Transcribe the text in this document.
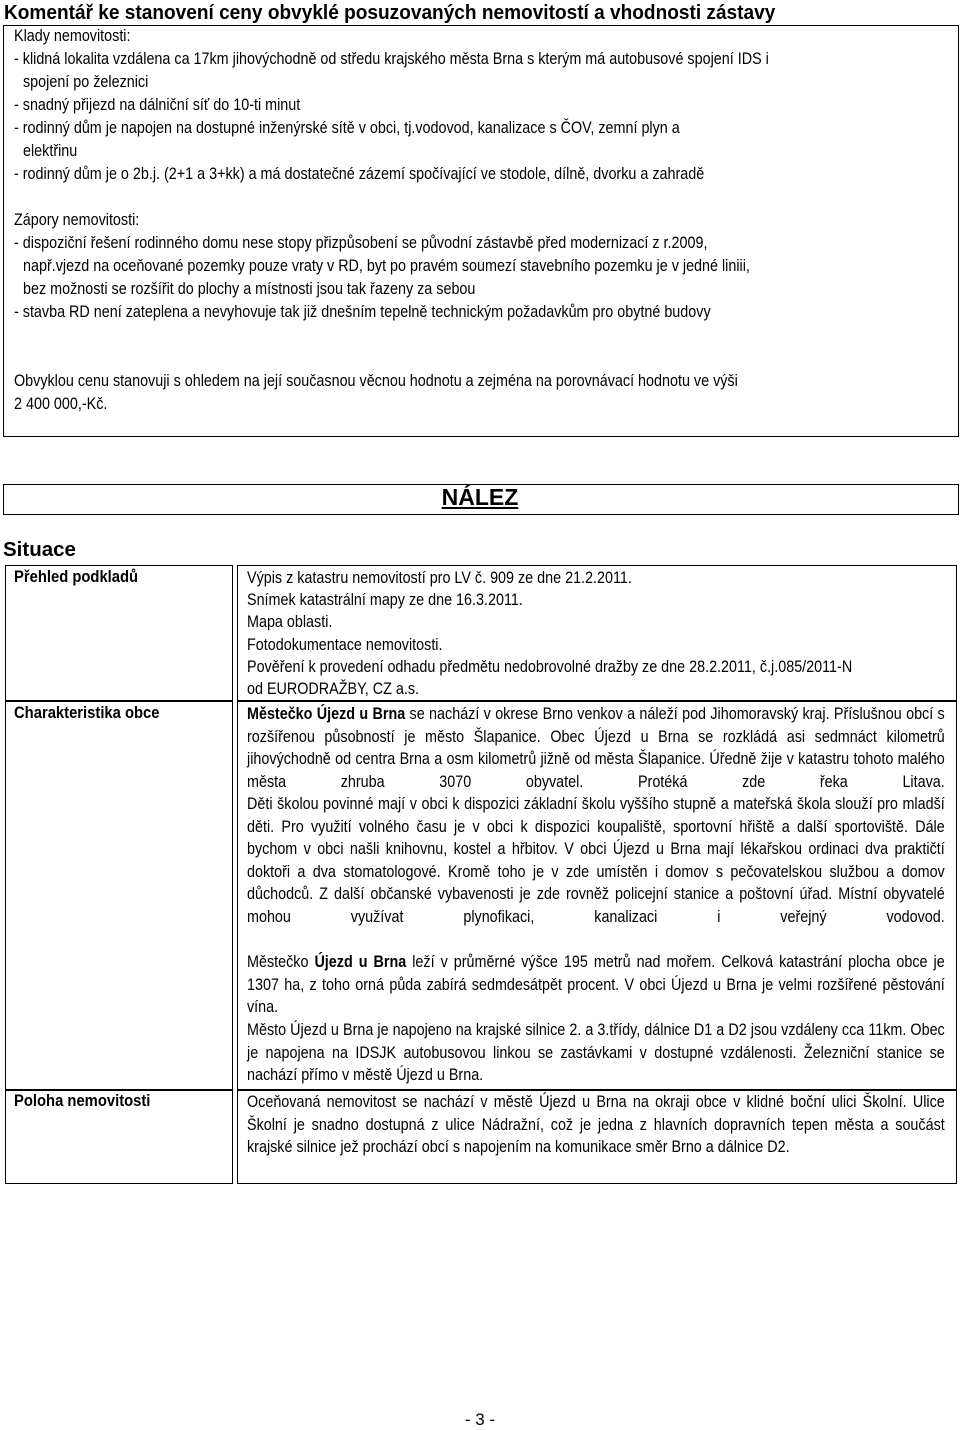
Komentář ke stanovení ceny obvyklé posuzovaných nemovitostí a vhodnosti zástavy
Klady nemovitosti:
- klidná lokalita vzdálena ca 17km jihovýchodně od středu krajského města Brna s kterým má autobusové spojení IDS i
spojení po železnici
- snadný přijezd na dálniční síť do 10-ti minut
- rodinný dům je napojen na dostupné inženýrské sítě v obci, tj.vodovod, kanalizace s ČOV, zemní plyn a
elektřinu
- rodinný dům je o 2b.j. (2+1 a 3+kk) a má dostatečné zázemí spočívající ve stodole, dílně, dvorku a zahradě
Zápory nemovitosti:
- dispoziční řešení rodinného domu nese stopy přizpůsobení se původní zástavbě před modernizací z r.2009,
např.vjezd na oceňované pozemky pouze vraty v RD, byt po pravém soumezí stavebního pozemku je v jedné liniii,
bez možnosti se rozšířit do plochy a místnosti jsou tak řazeny za sebou
- stavba RD není zateplena a nevyhovuje tak již dnešním tepelně technickým požadavkům pro obytné budovy
Obvyklou cenu stanovuji s ohledem na její současnou věcnou hodnotu a zejména na porovnávací hodnotu ve výši
2 400 000,-Kč.
NÁLEZ
Situace
Přehled podkladů	Výpis z katastru nemovitostí pro LV č. 909 ze dne 21.2.2011.
Snímek katastrální mapy ze dne 16.3.2011.
Mapa oblasti.
Fotodokumentace nemovitosti.
Pověření k provedení odhadu předmětu nedobrovolné dražby ze dne 28.2.2011, č.j.085/2011-N
od EURODRAŽBY, CZ a.s.
Charakteristika obce	Městečko Újezd u Brna se nachází v okrese Brno venkov a náleží pod Jihomoravský kraj. Příslušnou obcí s rozšířenou působností je město Šlapanice. Obec Újezd u Brna se rozkládá asi sedmnáct kilometrů jihovýchodně od centra Brna a osm kilometrů jižně od města Šlapanice. Úředně žije v katastru tohoto malého města zhruba 3070 obyvatel. Protéká zde řeka Litava.
Děti školou povinné mají v obci k dispozici základní školu vyššího stupně a mateřská škola slouží pro mladší děti. Pro využití volného času je v obci k dispozici koupaliště, sportovní hřiště a další sportoviště. Dále bychom v obci našli knihovnu, kostel a hřbitov. V obci Újezd u Brna mají lékařskou ordinaci dva praktičtí doktoři a dva stomatologové. Kromě toho je v zde umístěn i domov s pečovatelskou službou a domov důchodců. Z další občanské vybavenosti je zde rovněž policejní stanice a poštovní úřad. Místní obyvatelé mohou využívat plynofikaci, kanalizaci i veřejný vodovod.
Městečko Újezd u Brna leží v průměrné výšce 195 metrů nad mořem. Celková katastrání plocha obce je 1307 ha, z toho orná půda zabírá sedmdesátpět procent. V obci Újezd u Brna je velmi rozšířené pěstování vína.
Město Újezd u Brna je napojeno na krajské silnice 2. a 3.třídy, dálnice D1 a D2 jsou vzdáleny cca 11km. Obec je napojena na IDSJK autobusovou linkou se zastávkami v dostupné vzdálenosti. Železniční stanice se nachází přímo v městě Újezd u Brna.
Poloha nemovitosti	Oceňovaná nemovitost se nachází v městě Újezd u Brna na okraji obce v klidné boční ulici Školní. Ulice Školní je snadno dostupná z ulice Nádražní, což je jedna z hlavních dopravních tepen města a součást krajské silnice jež prochází obcí s napojením na komunikace směr Brno a dálnice D2.
- 3 -
